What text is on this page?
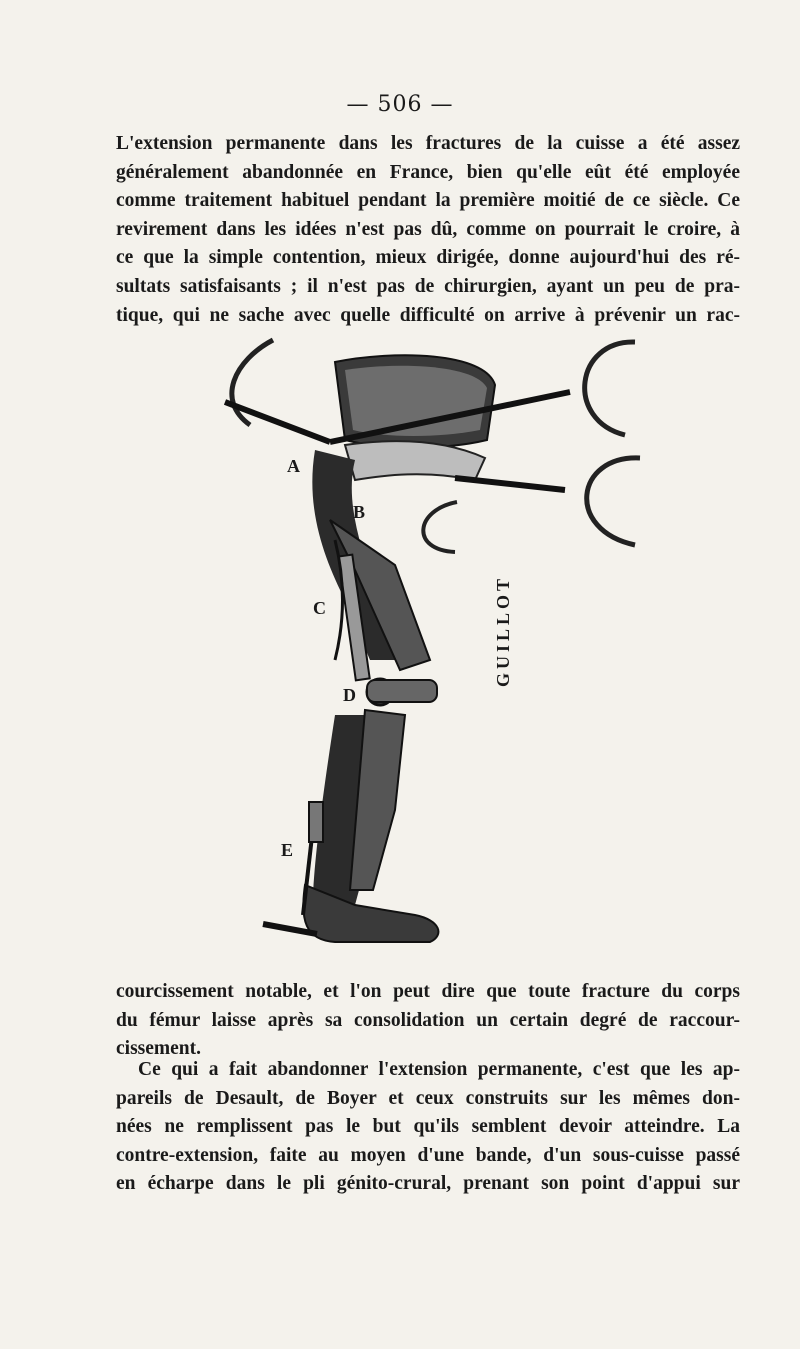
— 506 —
L'extension permanente dans les fractures de la cuisse a été assez
généralement abandonnée en France, bien qu'elle eût été employée
comme traitement habituel pendant la première moitié de ce siècle. Ce
revirement dans les idées n'est pas dû, comme on pourrait le croire, à
ce que la simple contention, mieux dirigée, donne aujourd'hui des ré-
sultats satisfaisants ; il n'est pas de chirurgien, ayant un peu de pra-
tique, qui ne sache avec quelle difficulté on arrive à prévenir un rac-
A
B
C
D
E
GUILLOT
courcissement notable, et l'on peut dire que toute fracture du corps
du fémur laisse après sa consolidation un certain degré de raccour-
cissement.
Ce qui a fait abandonner l'extension permanente, c'est que les ap-
pareils de Desault, de Boyer et ceux construits sur les mêmes don-
nées ne remplissent pas le but qu'ils semblent devoir atteindre. La
contre-extension, faite au moyen d'une bande, d'un sous-cuisse passé
en écharpe dans le pli génito-crural, prenant son point d'appui sur
